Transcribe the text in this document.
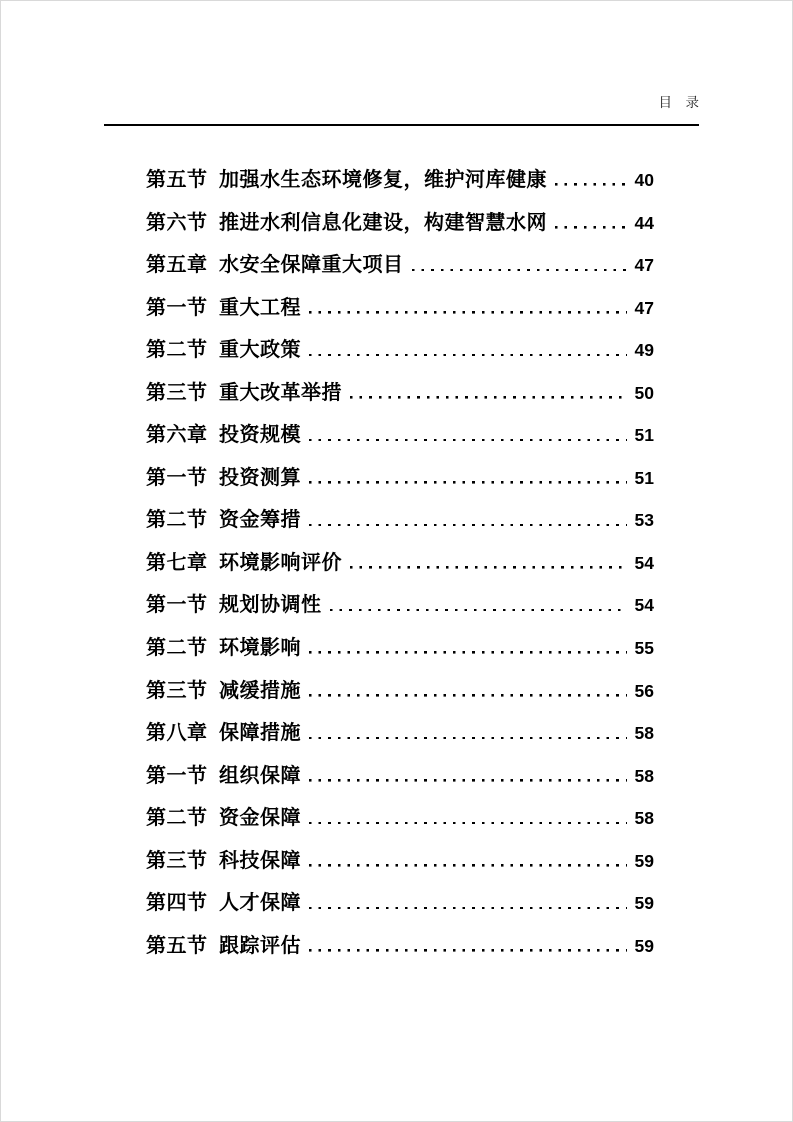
目　录
第五节 加强水生态环境修复，维护河库健康	40
第六节 推进水利信息化建设，构建智慧水网	44
第五章 水安全保障重大项目	47
第一节 重大工程	47
第二节 重大政策	49
第三节 重大改革举措	50
第六章 投资规模	51
第一节 投资测算	51
第二节 资金筹措	53
第七章 环境影响评价	54
第一节 规划协调性	54
第二节 环境影响	55
第三节 减缓措施	56
第八章 保障措施	58
第一节 组织保障	58
第二节 资金保障	58
第三节 科技保障	59
第四节 人才保障	59
第五节 跟踪评估	59
